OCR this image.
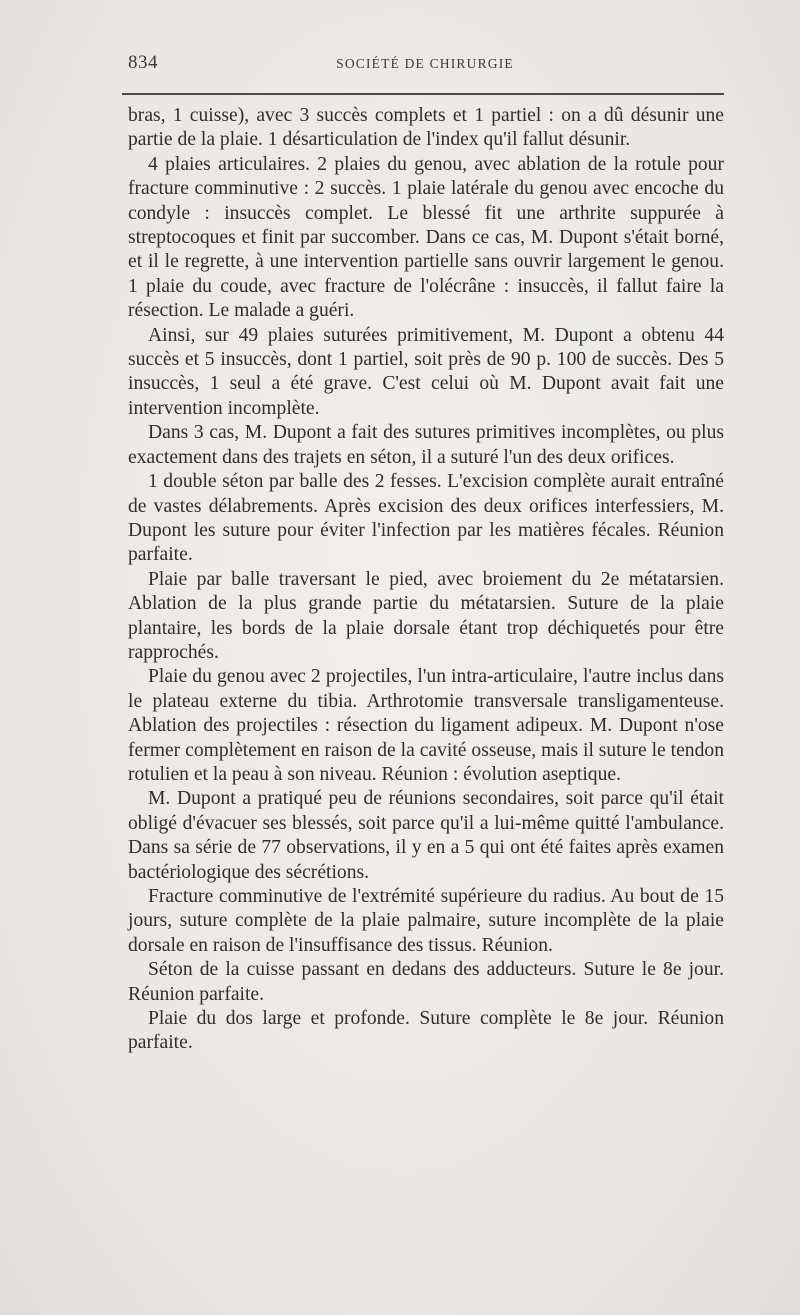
834	SOCIÉTÉ DE CHIRURGIE

bras, 1 cuisse), avec 3 succès complets et 1 partiel : on a dû désunir une partie de la plaie. 1 désarticulation de l'index qu'il fallut désunir.

4 plaies articulaires. 2 plaies du genou, avec ablation de la rotule pour fracture comminutive : 2 succès. 1 plaie latérale du genou avec encoche du condyle : insuccès complet. Le blessé fit une arthrite suppurée à streptocoques et finit par succomber. Dans ce cas, M. Dupont s'était borné, et il le regrette, à une intervention partielle sans ouvrir largement le genou. 1 plaie du coude, avec fracture de l'olécrâne : insuccès, il fallut faire la résection. Le malade a guéri.

Ainsi, sur 49 plaies suturées primitivement, M. Dupont a obtenu 44 succès et 5 insuccès, dont 1 partiel, soit près de 90 p. 100 de succès. Des 5 insuccès, 1 seul a été grave. C'est celui où M. Dupont avait fait une intervention incomplète.

Dans 3 cas, M. Dupont a fait des sutures primitives incomplètes, ou plus exactement dans des trajets en séton, il a suturé l'un des deux orifices.

1 double séton par balle des 2 fesses. L'excision complète aurait entraîné de vastes délabrements. Après excision des deux orifices interfessiers, M. Dupont les suture pour éviter l'infection par les matières fécales. Réunion parfaite.

Plaie par balle traversant le pied, avec broiement du 2e métatarsien. Ablation de la plus grande partie du métatarsien. Suture de la plaie plantaire, les bords de la plaie dorsale étant trop déchiquetés pour être rapprochés.

Plaie du genou avec 2 projectiles, l'un intra-articulaire, l'autre inclus dans le plateau externe du tibia. Arthrotomie transversale transligamenteuse. Ablation des projectiles : résection du ligament adipeux. M. Dupont n'ose fermer complètement en raison de la cavité osseuse, mais il suture le tendon rotulien et la peau à son niveau. Réunion : évolution aseptique.

M. Dupont a pratiqué peu de réunions secondaires, soit parce qu'il était obligé d'évacuer ses blessés, soit parce qu'il a lui-même quitté l'ambulance. Dans sa série de 77 observations, il y en a 5 qui ont été faites après examen bactériologique des sécrétions.

Fracture comminutive de l'extrémité supérieure du radius. Au bout de 15 jours, suture complète de la plaie palmaire, suture incomplète de la plaie dorsale en raison de l'insuffisance des tissus. Réunion.

Séton de la cuisse passant en dedans des adducteurs. Suture le 8e jour. Réunion parfaite.

Plaie du dos large et profonde. Suture complète le 8e jour. Réunion parfaite.
